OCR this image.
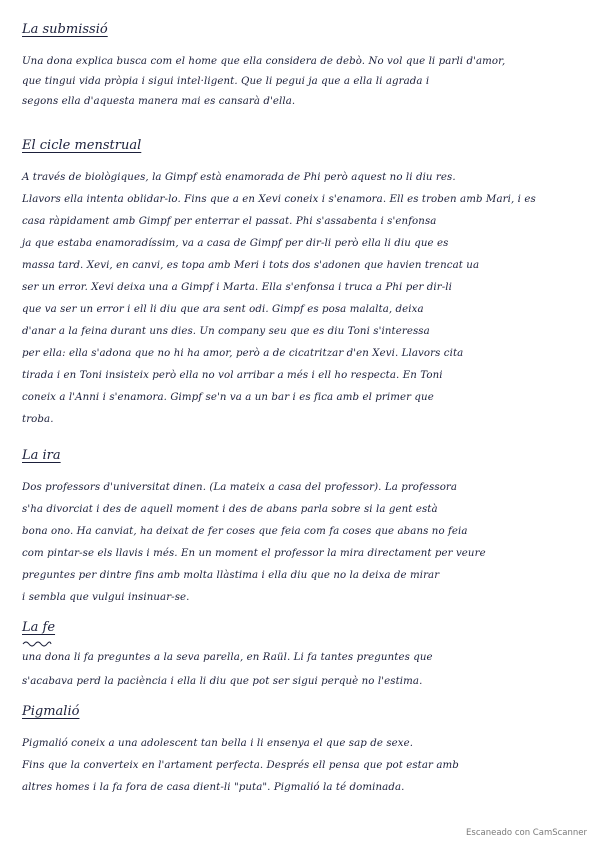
La submissió
Una dona explica busca com el home que ella considera de debò. No vol que li parli d'amor,
que tingui vida pròpia i sigui intel·ligent. Que li pegui ja que a ella li agrada i
segons ella d'aquesta manera mai es cansarà d'ella.
El cicle menstrual
A través de biològiques, la Gimpf està enamorada de Phi però aquest no li diu res.
Llavors ella intenta oblidar-lo. Fins que a en Xevi coneix i s'enamora. Ell es troben amb Mari, i es
casa ràpidament amb Gimpf per enterrar el passat. Phi s'assabenta i s'enfonsa
ja que estaba enamoradíssim, va a casa de Gimpf per dir-li però ella li diu que es
massa tard. Xevi, en canvi, es topa amb Meri i tots dos s'adonen que havien trencat ua
ser un error. Xevi deixa una a Gimpf i Marta. Ella s'enfonsa i truca a Phi per dir-li
que va ser un error i ell li diu que ara sent odi. Gimpf es posa malalta, deixa
d'anar a la feina durant uns dies. Un company seu que es diu Toni s'interessa
per ella: ella s'adona que no hi ha amor, però a de cicatritzar d'en Xevi. Llavors cita
tirada i en Toni insisteix però ella no vol arribar a més i ell ho respecta. En Toni
coneix a l'Anni i s'enamora. Gimpf se'n va a un bar i es fica amb el primer que
troba.
La ira
Dos professors d'universitat dinen. (La mateix a casa del professor). La professora
s'ha divorciat i des de aquell moment i des de abans parla sobre si la gent està
bona ono. Ha canviat, ha deixat de fer coses que feia com fa coses que abans no feia
com pintar-se els llavis i més. En un moment el professor la mira directament per veure
preguntes per dintre fins amb molta llàstima i ella diu que no la deixa de mirar
i sembla que vulgui insinuar-se.
La fe
una dona li fa preguntes a la seva parella, en Raül. Li fa tantes preguntes que
s'acabava perd la paciència i ella li diu que pot ser sigui perquè no l'estima.
Pigmalió
Pigmalió coneix a una adolescent tan bella i li ensenya el que sap de sexe.
Fins que la converteix en l'artament perfecta. Després ell pensa que pot estar amb
altres homes i la fa fora de casa dient-li "puta". Pigmalió la té dominada.
Escaneado con CamScanner
